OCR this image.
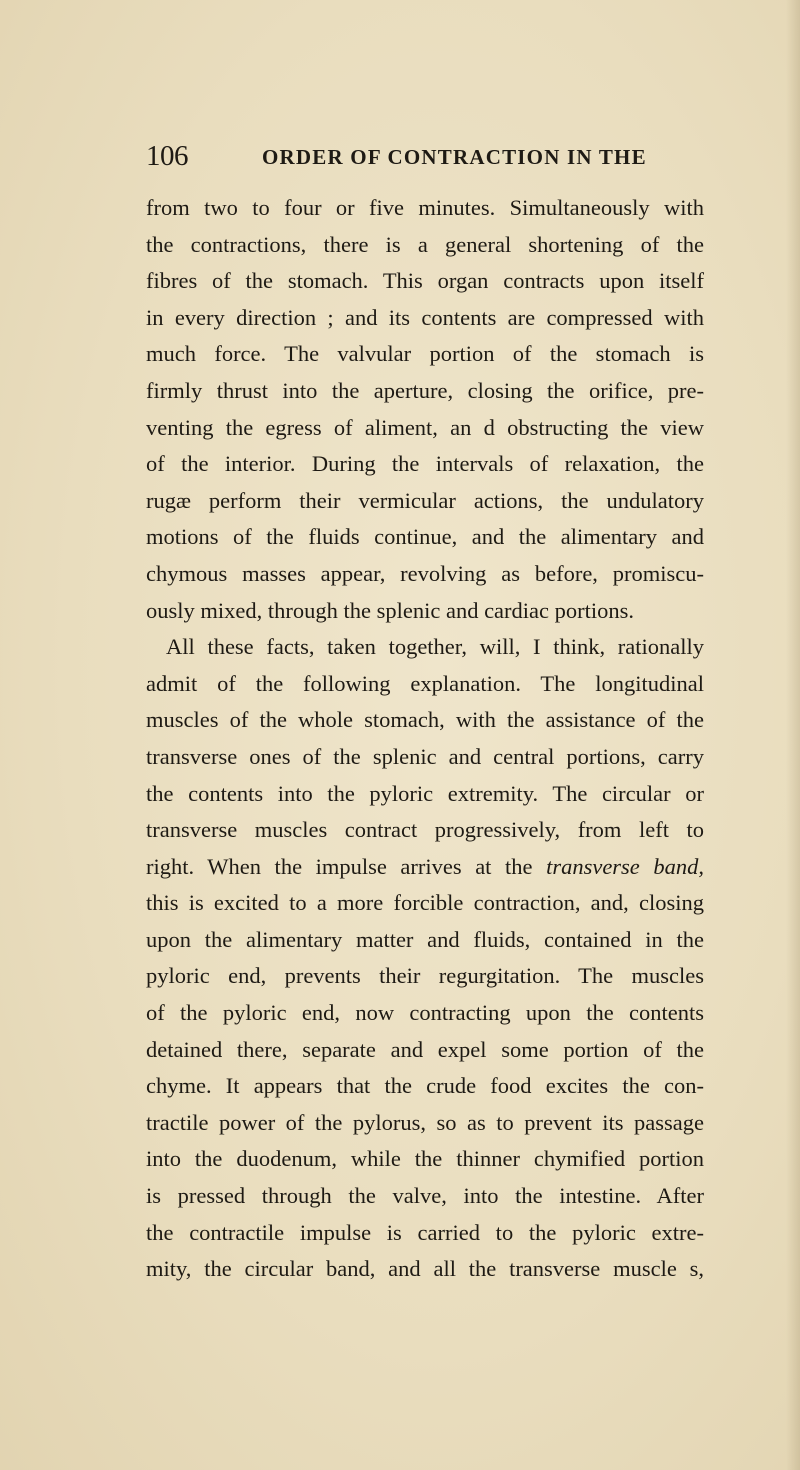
106	ORDER OF CONTRACTION IN THE
from two to four or five minutes. Simultaneously with
the contractions, there is a general shortening of the
fibres of the stomach. This organ contracts upon itself
in every direction ; and its contents are compressed with
much force. The valvular portion of the stomach is
firmly thrust into the aperture, closing the orifice, pre-
venting the egress of aliment, an d obstructing the view
of the interior. During the intervals of relaxation, the
rugæ perform their vermicular actions, the undulatory
motions of the fluids continue, and the alimentary and
chymous masses appear, revolving as before, promiscu-
ously mixed, through the splenic and cardiac portions.
All these facts, taken together, will, I think, rationally
admit of the following explanation. The longitudinal
muscles of the whole stomach, with the assistance of the
transverse ones of the splenic and central portions, carry
the contents into the pyloric extremity. The circular or
transverse muscles contract progressively, from left to
right. When the impulse arrives at the transverse band,
this is excited to a more forcible contraction, and, closing
upon the alimentary matter and fluids, contained in the
pyloric end, prevents their regurgitation. The muscles
of the pyloric end, now contracting upon the contents
detained there, separate and expel some portion of the
chyme. It appears that the crude food excites the con-
tractile power of the pylorus, so as to prevent its passage
into the duodenum, while the thinner chymified portion
is pressed through the valve, into the intestine. After
the contractile impulse is carried to the pyloric extre-
mity, the circular band, and all the transverse muscle s,
